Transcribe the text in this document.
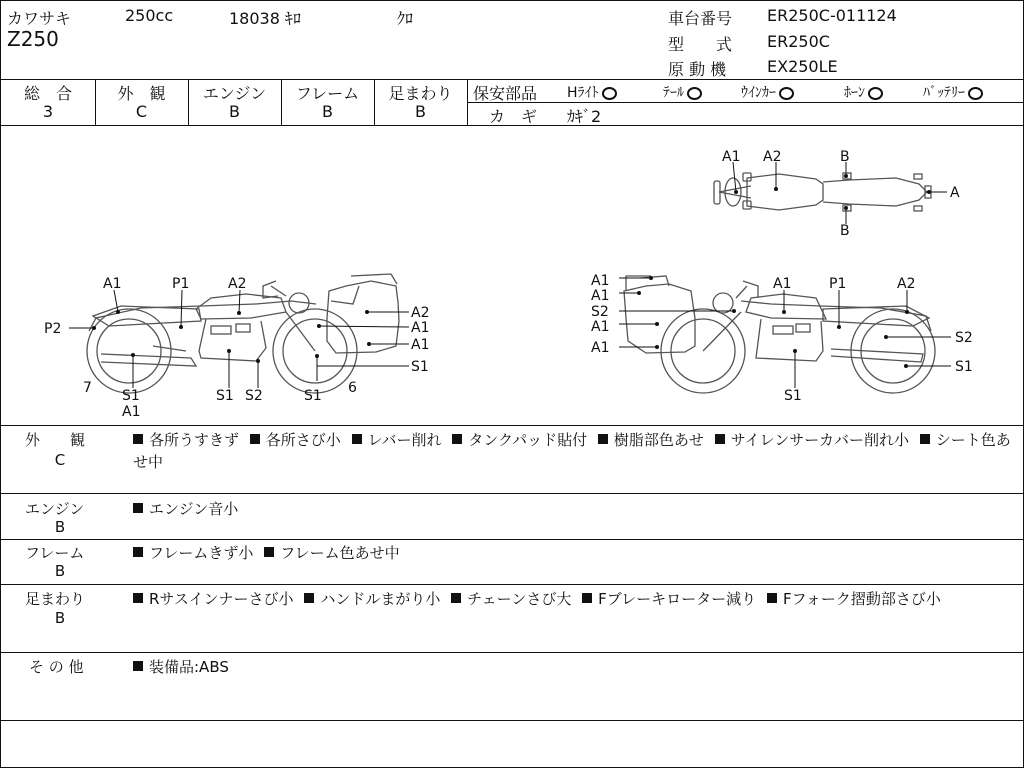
カワサキ	250cc	18038 ｷﾛ	ｸﾛ
Z250
車台番号 ER250C-011124
型　　式 ER250C
原 動 機	EX250LE
総　合
3
外　観
C
エンジン
B
フレーム
B
足まわり
B
保安部品 Hﾗｲﾄ	ﾃｰﾙ	ｳｲﾝｶｰ	ﾎｰﾝ	ﾊﾞｯﾃﾘｰ
カ　ギ ｶｷﾞ2
A1 A2	B
B
A
A1	P1	A2
P2
A2
A1
A1
S1
7 S1
A1
S1 S2	S1 6
A1
A1
S2
A1
A1
A1	P1	A2
S2
S1
S1
外　　観
C
各所うすきず 各所さび小 レバー削れ タンクパッド貼付 樹脂部色あせ サイレンサーカバー削れ小 シート色あせ中
エンジン
B
エンジン音小
フレーム
B
フレームきず小 フレーム色あせ中
足まわり
B
Rサスインナーさび小 ハンドルまがり小 チェーンさび大 Fブレーキローター減り Fフォーク摺動部さび小
そ の 他	装備品:ABS
